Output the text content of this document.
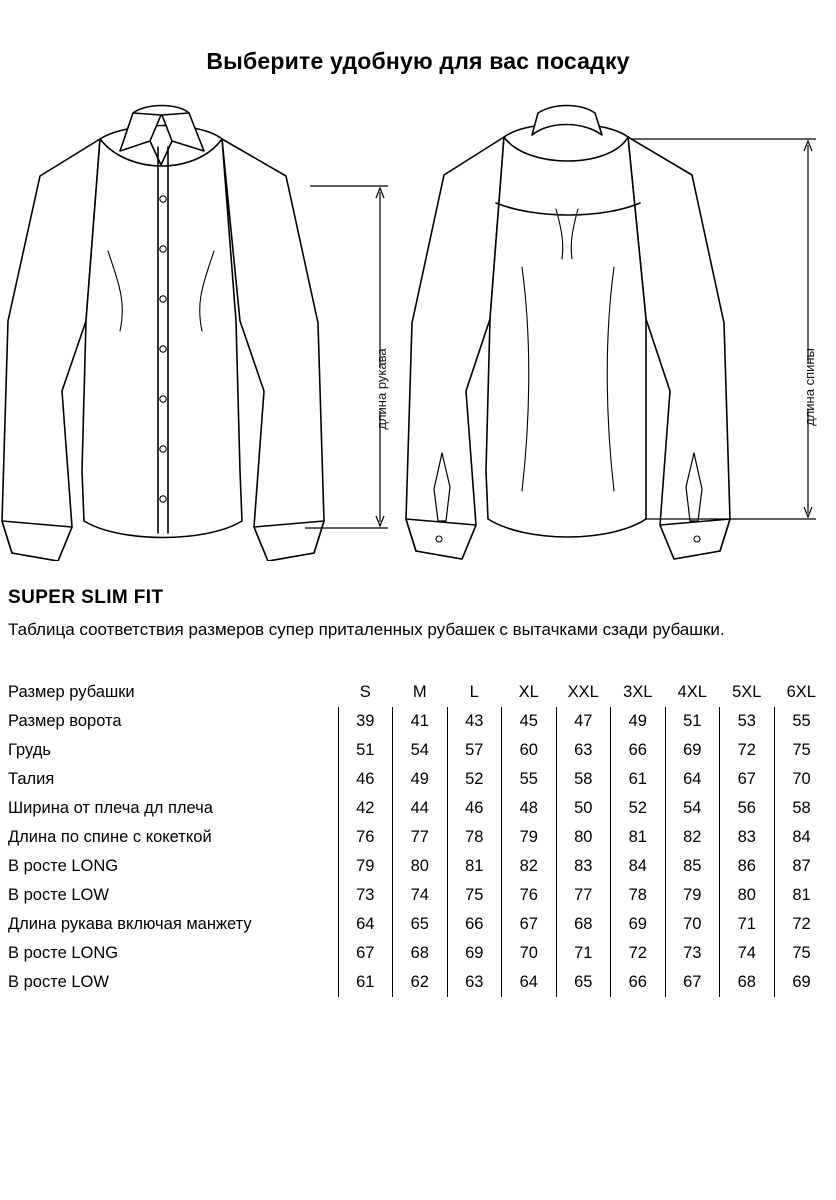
Выберите удобную для вас посадку
длина рукава	длина спины
SUPER SLIM FIT

Таблица соответствия размеров супер приталенных рубашек с вытачками сзади рубашки.

Размер рубашки	S	M	L	XL	XXL	3XL	4XL	5XL	6XL
Размер ворота	39	41	43	45	47	49	51	53	55
Грудь	51	54	57	60	63	66	69	72	75
Талия	46	49	52	55	58	61	64	67	70
Ширина от плеча дл плеча	42	44	46	48	50	52	54	56	58
Длина по спине с кокеткой	76	77	78	79	80	81	82	83	84
В росте LONG	79	80	81	82	83	84	85	86	87
В росте LOW	73	74	75	76	77	78	79	80	81
Длина рукава включая манжету	64	65	66	67	68	69	70	71	72
В росте LONG	67	68	69	70	71	72	73	74	75
В росте LOW	61	62	63	64	65	66	67	68	69
